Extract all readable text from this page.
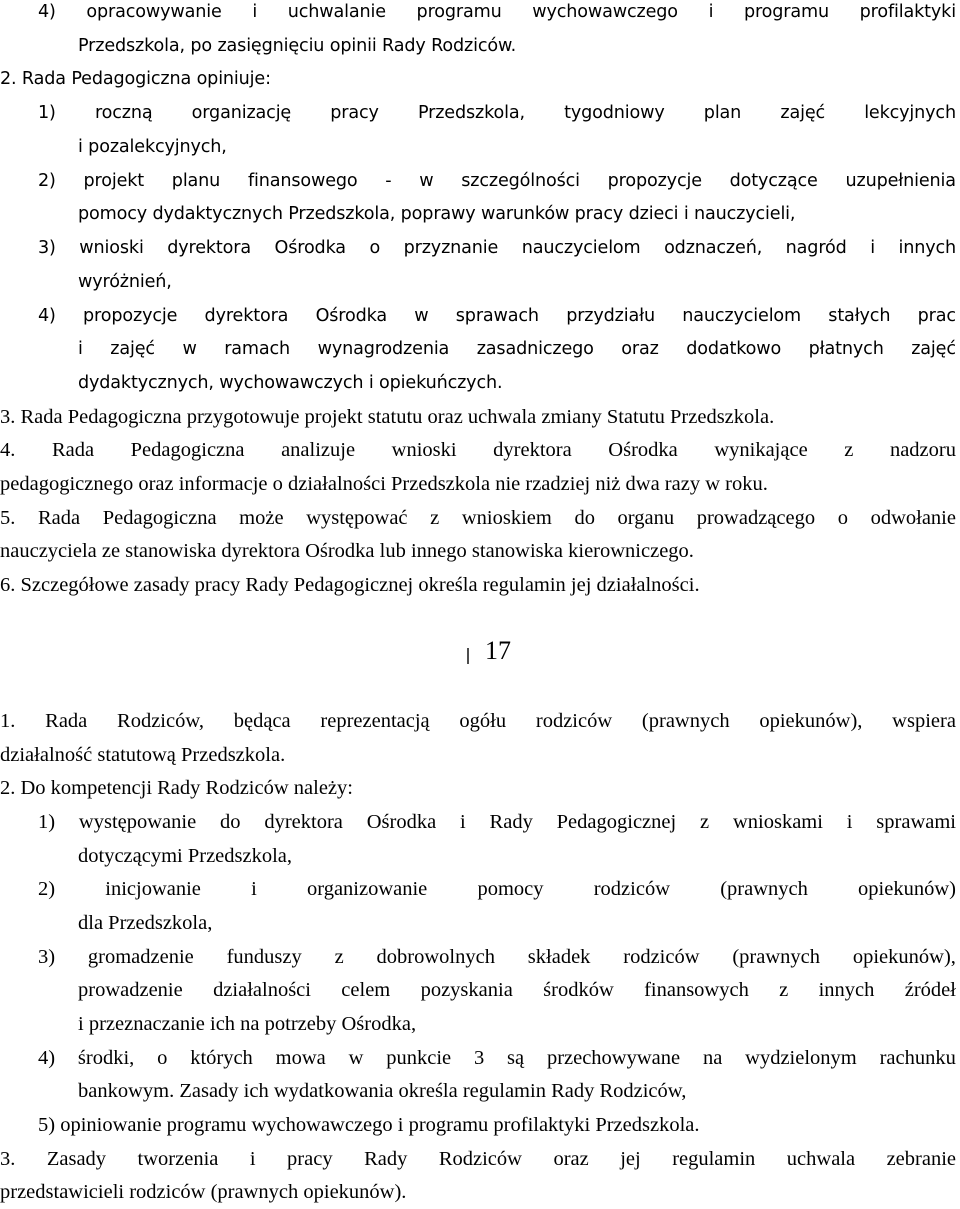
4) opracowywanie i uchwalanie programu wychowawczego i programu profilaktyki
Przedszkola, po zasięgnięciu opinii Rady Rodziców.
2. Rada Pedagogiczna opiniuje:
1) roczną organizację pracy Przedszkola, tygodniowy plan zajęć lekcyjnych
i pozalekcyjnych,
2) projekt planu finansowego - w szczególności propozycje dotyczące uzupełnienia
pomocy dydaktycznych Przedszkola, poprawy warunków pracy dzieci i nauczycieli,
3) wnioski dyrektora Ośrodka o przyznanie nauczycielom odznaczeń, nagród i innych
wyróżnień,
4) propozycje dyrektora Ośrodka w sprawach przydziału nauczycielom stałych prac
i zajęć w ramach wynagrodzenia zasadniczego oraz dodatkowo płatnych zajęć
dydaktycznych, wychowawczych i opiekuńczych.
3. Rada Pedagogiczna przygotowuje projekt statutu oraz uchwala zmiany Statutu Przedszkola.
4. Rada Pedagogiczna analizuje wnioski dyrektora Ośrodka wynikające z nadzoru
pedagogicznego oraz informacje o działalności Przedszkola nie rzadziej niż dwa razy w roku.
5. Rada Pedagogiczna może występować z wnioskiem do organu prowadzącego o odwołanie
nauczyciela ze stanowiska dyrektora Ośrodka lub innego stanowiska kierowniczego.
6. Szczegółowe zasady pracy Rady Pedagogicznej określa regulamin jej działalności.
17
1. Rada Rodziców, będąca reprezentacją ogółu rodziców (prawnych opiekunów), wspiera
działalność statutową Przedszkola.
2. Do kompetencji Rady Rodziców należy:
1) występowanie do dyrektora Ośrodka i Rady Pedagogicznej z wnioskami i sprawami
dotyczącymi Przedszkola,
2) inicjowanie i organizowanie pomocy rodziców (prawnych opiekunów)
dla Przedszkola,
3) gromadzenie funduszy z dobrowolnych składek rodziców (prawnych opiekunów),
prowadzenie działalności celem pozyskania środków finansowych z innych źródeł
i przeznaczanie ich na potrzeby Ośrodka,
4) środki, o których mowa w punkcie 3 są przechowywane na wydzielonym rachunku
bankowym. Zasady ich wydatkowania określa regulamin Rady Rodziców,
5) opiniowanie programu wychowawczego i programu profilaktyki Przedszkola.
3. Zasady tworzenia i pracy Rady Rodziców oraz jej regulamin uchwala zebranie
przedstawicieli rodziców (prawnych opiekunów).
